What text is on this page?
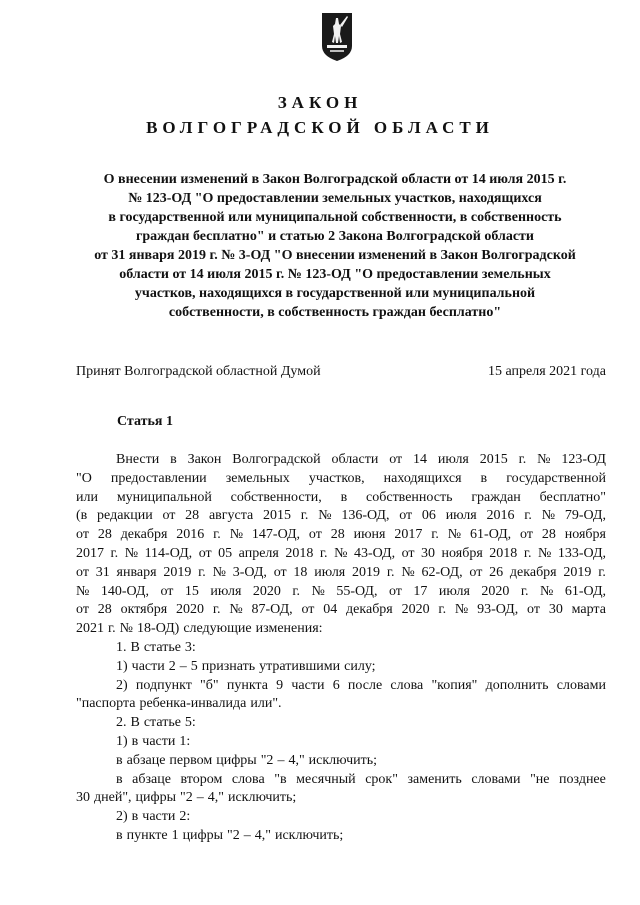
ЗАКОН
ВОЛГОГРАДСКОЙ ОБЛАСТИ
О внесении изменений в Закон Волгоградской области от 14 июля 2015 г.
№ 123-ОД "О предоставлении земельных участков, находящихся
в государственной или муниципальной собственности, в собственность
граждан бесплатно" и статью 2 Закона Волгоградской области
от 31 января 2019 г. № 3-ОД "О внесении изменений в Закон Волгоградской
области от 14 июля 2015 г. № 123-ОД "О предоставлении земельных
участков, находящихся в государственной или муниципальной
собственности, в собственность граждан бесплатно"
Принят Волгоградской областной Думой	15 апреля 2021 года
Статья 1
Внести в Закон Волгоградской области от 14 июля 2015 г. № 123-ОД
"О предоставлении земельных участков, находящихся в государственной
или муниципальной собственности, в собственность граждан бесплатно"
(в редакции от 28 августа 2015 г. № 136-ОД, от 06 июля 2016 г. № 79-ОД,
от 28 декабря 2016 г. № 147-ОД, от 28 июня 2017 г. № 61-ОД, от 28 ноября
2017 г. № 114-ОД, от 05 апреля 2018 г. № 43-ОД, от 30 ноября 2018 г. № 133-ОД,
от 31 января 2019 г. № 3-ОД, от 18 июля 2019 г. № 62-ОД, от 26 декабря 2019 г.
№ 140-ОД, от 15 июля 2020 г. № 55-ОД, от 17 июля 2020 г. № 61-ОД,
от 28 октября 2020 г. № 87-ОД, от 04 декабря 2020 г. № 93-ОД, от 30 марта
2021 г. № 18-ОД) следующие изменения:
1. В статье 3:
1) части 2 – 5 признать утратившими силу;
2) подпункт "б" пункта 9 части 6 после слова "копия" дополнить словами
"паспорта ребенка-инвалида или".
2. В статье 5:
1) в части 1:
в абзаце первом цифры "2 – 4," исключить;
в абзаце втором слова "в месячный срок" заменить словами "не позднее
30 дней", цифры "2 – 4," исключить;
2) в части 2:
в пункте 1 цифры "2 – 4," исключить;
